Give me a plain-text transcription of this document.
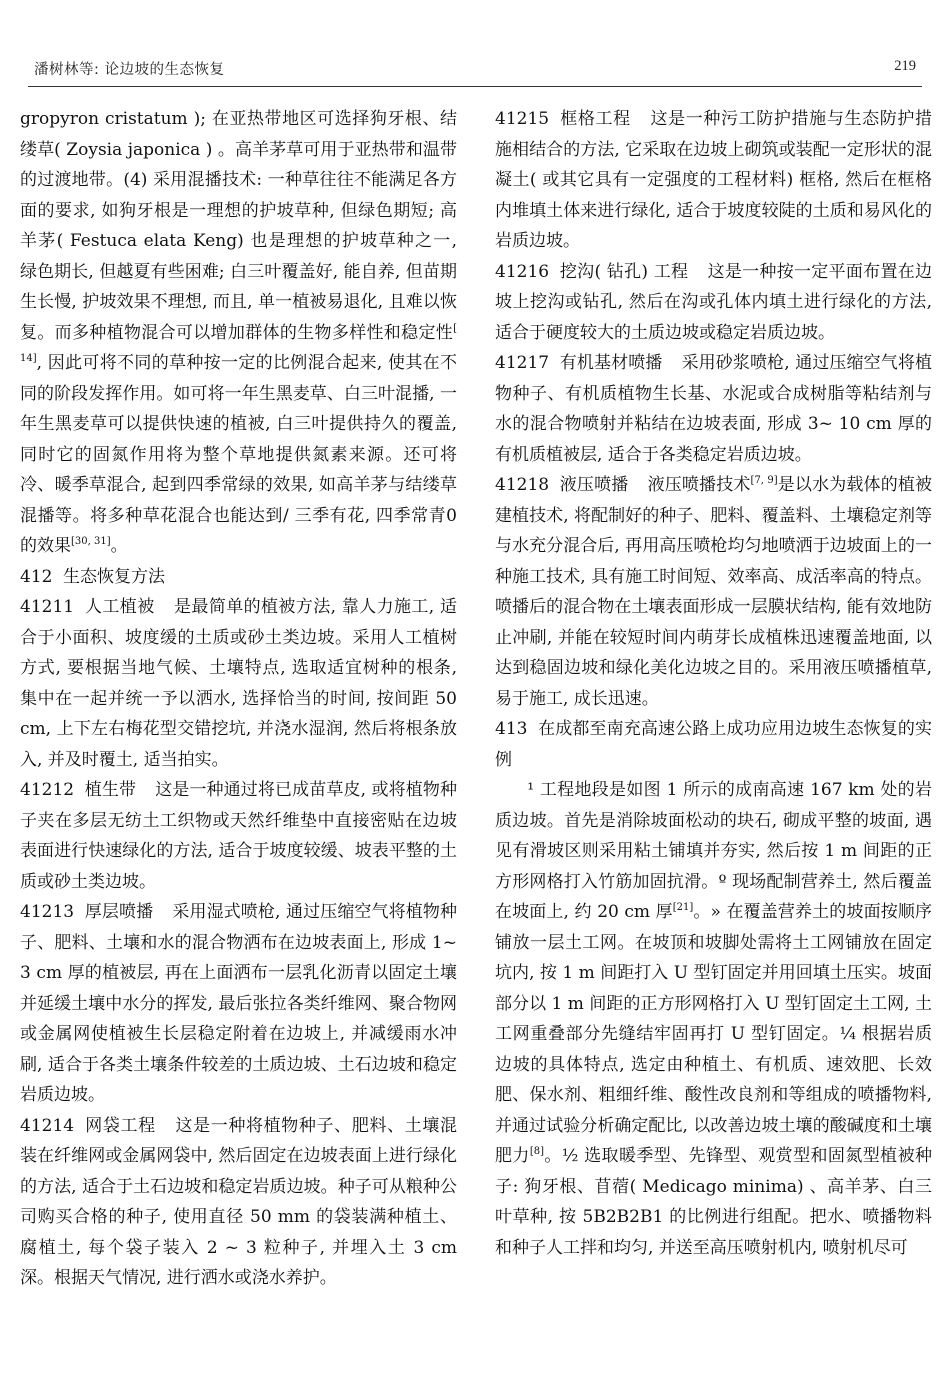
潘树林等: 论边坡的生态恢复	219

gropyron cristatum ); 在亚热带地区可选择狗牙根、结缕草( Zoysia japonica ) 。高羊茅草可用于亚热带和温带的过渡地带。(4) 采用混播技术: 一种草往往不能满足各方面的要求, 如狗牙根是一理想的护坡草种, 但绿色期短; 高羊茅( Festuca elata Keng) 也是理想的护坡草种之一, 绿色期长, 但越夏有些困难; 白三叶覆盖好, 能自养, 但苗期生长慢, 护坡效果不理想, 而且, 单一植被易退化, 且难以恢复。而多种植物混合可以增加群体的生物多样性和稳定性[ 14], 因此可将不同的草种按一定的比例混合起来, 使其在不同的阶段发挥作用。如可将一年生黑麦草、白三叶混播, 一年生黑麦草可以提供快速的植被, 白三叶提供持久的覆盖, 同时它的固氮作用将为整个草地提供氮素来源。还可将冷、暖季草混合, 起到四季常绿的效果, 如高羊茅与结缕草混播等。将多种草花混合也能达到/ 三季有花, 四季常青0 的效果[30, 31]。

412 生态恢复方法

41211 人工植被 是最简单的植被方法, 靠人力施工, 适合于小面积、坡度缓的土质或砂土类边坡。采用人工植树方式, 要根据当地气候、土壤特点, 选取适宜树种的根条, 集中在一起并统一予以洒水, 选择恰当的时间, 按间距 50 cm, 上下左右梅花型交错挖坑, 并浇水湿润, 然后将根条放入, 并及时覆土, 适当拍实。

41212 植生带 这是一种通过将已成苗草皮, 或将植物种子夹在多层无纺土工织物或天然纤维垫中直接密贴在边坡表面进行快速绿化的方法, 适合于坡度较缓、坡表平整的土质或砂土类边坡。

41213 厚层喷播 采用湿式喷枪, 通过压缩空气将植物种子、肥料、土壤和水的混合物洒布在边坡表面上, 形成 1~ 3 cm 厚的植被层, 再在上面洒布一层乳化沥青以固定土壤并延缓土壤中水分的挥发, 最后张拉各类纤维网、聚合物网或金属网使植被生长层稳定附着在边坡上, 并减缓雨水冲刷, 适合于各类土壤条件较差的土质边坡、土石边坡和稳定岩质边坡。

41214 网袋工程 这是一种将植物种子、肥料、土壤混装在纤维网或金属网袋中, 然后固定在边坡表面上进行绿化的方法, 适合于土石边坡和稳定岩质边坡。种子可从粮种公司购买合格的种子, 使用直径 50 mm 的袋装满种植土、腐植土, 每个袋子装入 2 ~ 3 粒种子, 并埋入土 3 cm 深。根据天气情况, 进行洒水或浇水养护。

41215 框格工程 这是一种污工防护措施与生态防护措施相结合的方法, 它采取在边坡上砌筑或装配一定形状的混凝土( 或其它具有一定强度的工程材料) 框格, 然后在框格内堆填土体来进行绿化, 适合于坡度较陡的土质和易风化的岩质边坡。

41216 挖沟( 钻孔) 工程 这是一种按一定平面布置在边坡上挖沟或钻孔, 然后在沟或孔体内填土进行绿化的方法, 适合于硬度较大的土质边坡或稳定岩质边坡。

41217 有机基材喷播 采用砂浆喷枪, 通过压缩空气将植物种子、有机质植物生长基、水泥或合成树脂等粘结剂与水的混合物喷射并粘结在边坡表面, 形成 3~ 10 cm 厚的有机质植被层, 适合于各类稳定岩质边坡。

41218 液压喷播 液压喷播技术[7, 9]是以水为载体的植被建植技术, 将配制好的种子、肥料、覆盖料、土壤稳定剂等与水充分混合后, 再用高压喷枪均匀地喷洒于边坡面上的一种施工技术, 具有施工时间短、效率高、成活率高的特点。喷播后的混合物在土壤表面形成一层膜状结构, 能有效地防止冲刷, 并能在较短时间内萌芽长成植株迅速覆盖地面, 以达到稳固边坡和绿化美化边坡之目的。采用液压喷播植草, 易于施工, 成长迅速。

413 在成都至南充高速公路上成功应用边坡生态恢复的实例

¹ 工程地段是如图 1 所示的成南高速 167 km 处的岩质边坡。首先是消除坡面松动的块石, 砌成平整的坡面, 遇见有滑坡区则采用粘土铺填并夯实, 然后按 1 m 间距的正方形网格打入竹筋加固抗滑。º 现场配制营养土, 然后覆盖在坡面上, 约 20 cm 厚[21]。» 在覆盖营养土的坡面按顺序铺放一层土工网。在坡顶和坡脚处需将土工网铺放在固定坑内, 按 1 m 间距打入 U 型钉固定并用回填土压实。坡面部分以 1 m 间距的正方形网格打入 U 型钉固定土工网, 土工网重叠部分先缝结牢固再打 U 型钉固定。¼ 根据岩质边坡的具体特点, 选定由种植土、有机质、速效肥、长效肥、保水剂、粗细纤维、酸性改良剂和等组成的喷播物料, 并通过试验分析确定配比, 以改善边坡土壤的酸碱度和土壤肥力[8]。½ 选取暖季型、先锋型、观赏型和固氮型植被种子: 狗牙根、苜蓿( Medicago minima) 、高羊茅、白三叶草种, 按 5B2B2B1 的比例进行组配。把水、喷播物料和种子人工拌和均匀, 并送至高压喷射机内, 喷射机尽可
